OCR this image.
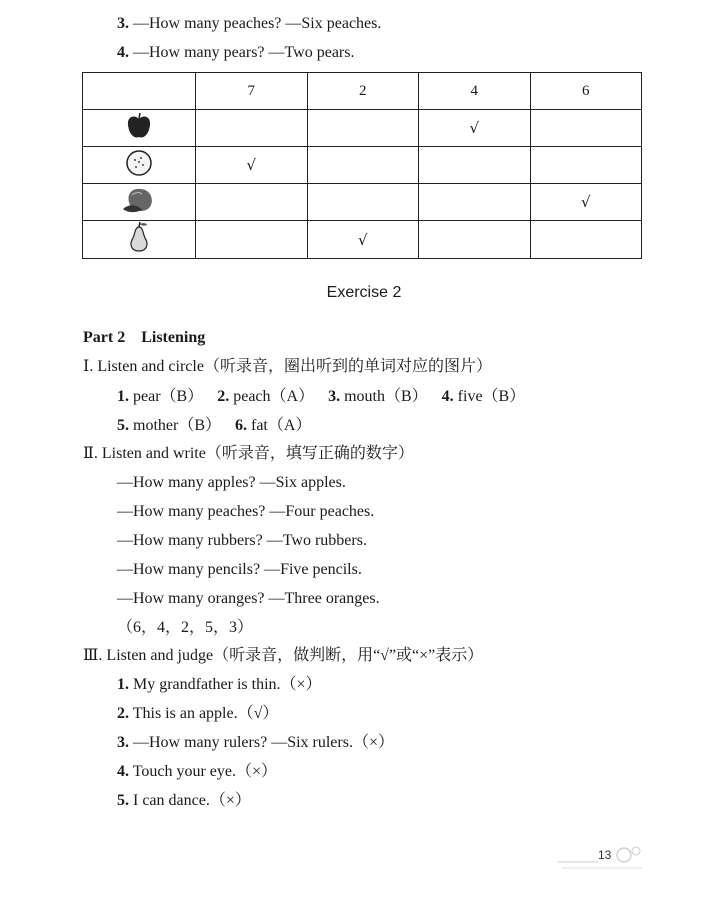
3. —How many peaches? —Six peaches.
4. —How many pears? —Two pears.
	7	2	4	6
			√	
	√			
				√
		√		
Exercise 2
Part 2    Listening
Ⅰ. Listen and circle（听录音，圈出听到的单词对应的图片）
1. pear（B） 2. peach（A） 3. mouth（B） 4. five（B）
5. mother（B） 6. fat（A）
Ⅱ. Listen and write（听录音，填写正确的数字）
—How many apples? —Six apples.
—How many peaches? —Four peaches.
—How many rubbers? —Two rubbers.
—How many pencils? —Five pencils.
—How many oranges? —Three oranges.
（6，4，2，5，3）
Ⅲ. Listen and judge（听录音，做判断，用“√”或“×”表示）
1. My grandfather is thin.（×）
2. This is an apple.（√）
3. —How many rulers? —Six rulers.（×）
4. Touch your eye.（×）
5. I can dance.（×）
13
